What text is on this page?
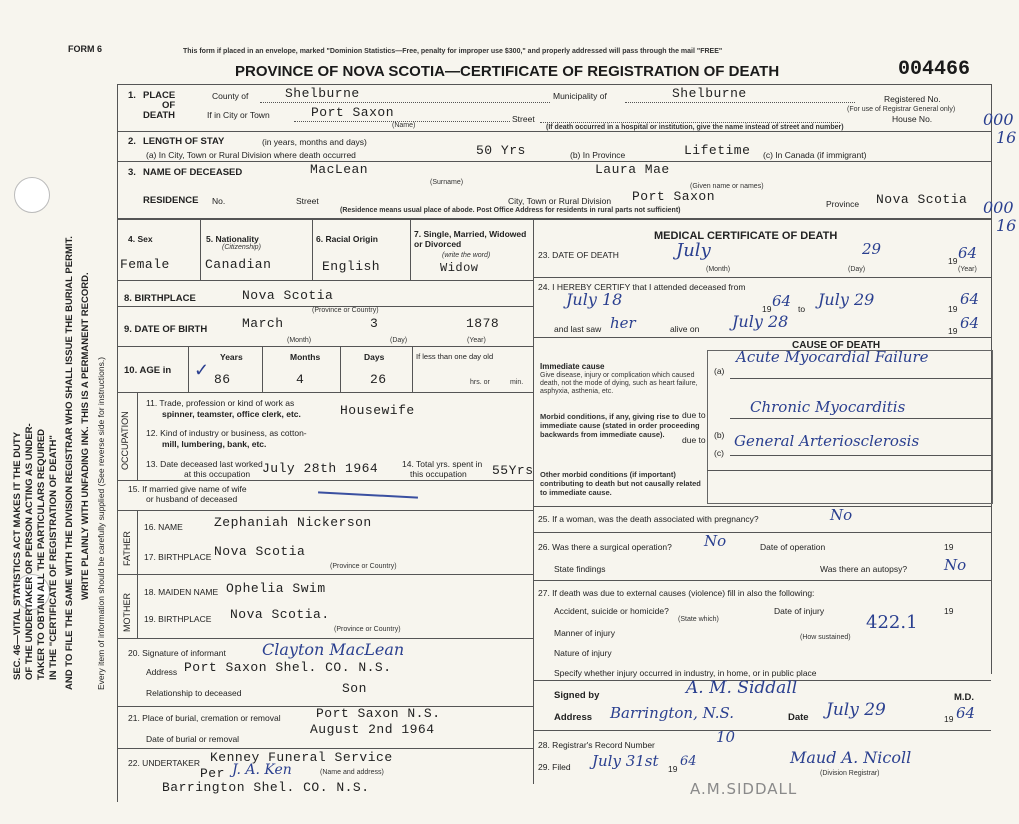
SEC. 46—VITAL STATISTICS ACT MAKES IT THE DUTY OF THE UNDERTAKER OR PERSON ACTING AS UNDER- TAKER TO OBTAIN ALL THE PARTICULARS REQUIRED IN THE "CERTIFICATE OF REGISTRATION OF DEATH" AND TO FILE THE SAME WITH THE DIVISION REGISTRAR WHO SHALL ISSUE THE BURIAL PERMIT. WRITE PLAINLY WITH UNFADING INK. THIS IS A PERMANENT RECORD. Every item of information should be carefully supplied (See reverse side for instructions.)
FORM 6	This form if placed in an envelope, marked "Dominion Statistics—Free, penalty for improper use $300," and properly addressed will pass through the mail "FREE"
PROVINCE OF NOVA SCOTIA—CERTIFICATE OF REGISTRATION OF DEATH	004466
1. PLACE
OF
DEATH
County of	Shelburne	Municipality of	Shelburne	Registered No.
(For use of Registrar General only)
If in City or Town	Port Saxon
(Name)
Street	House No.
(If death occurred in a hospital or institution, give the name instead of street and number)
2. LENGTH OF STAY	(in years, months and days)
(a) In City, Town or Rural Division where death occurred	50 Yrs	(b) In Province	Lifetime (c) In Canada (if immigrant)
3. NAME OF DECEASED	MacLean	Laura Mae
(Surname)
(Given name or names)
RESIDENCE No.	Street	City, Town or Rural Division Port Saxon	Province Nova Scotia
(Residence means usual place of abode. Post Office Address for residents in rural parts not sufficient)
000
16
000
16
4. Sex
Female
5. Nationality
(Citizenship)
Canadian
6. Racial Origin
English
7. Single, Married, Widowed or Divorced
(write the word)
Widow
8. BIRTHPLACE	Nova Scotia
(Province or Country)
9. DATE OF BIRTH	March	3	1878
(Month)	(Day)	(Year)
10. AGE in
Years	Months	Days	If less than one day old
hrs. or	min.
86	4	26
✓
OCCUPATION
11. Trade, profession or kind of work as
spinner, teamster, office clerk, etc.	Housewife
12. Kind of industry or business, as cotton-
mill, lumbering, bank, etc.
13. Date deceased last worked
at this occupation July 28th 1964	14. Total yrs. spent in
this occupation 55Yrs
15. If married give name of wife
or husband of deceased
FATHER
16. NAME Zephaniah Nickerson
17. BIRTHPLACE Nova Scotia
(Province or Country)
MOTHER
18. MAIDEN NAME Ophelia Swim
19. BIRTHPLACE Nova Scotia.
(Province or Country)
20. Signature of informant Clayton MacLean
Address Port Saxon Shel. CO. N.S.
Relationship to deceased	Son
21. Place of burial, cremation or removal	Port Saxon N.S.
Date of burial or removal
August 2nd 1964
22. UNDERTAKER Kenney Funeral Service
Per J. A. Ken	(Name and address)
Barrington Shel. CO. N.S.
MEDICAL CERTIFICATE OF DEATH
23. DATE OF DEATH	July	29
19 64
(Month)	(Day)	(Year)
24. I HEREBY CERTIFY that I attended deceased from
July 18	19 64 to July 29	19
64
and last saw her	alive on July 28	19 64
CAUSE OF DEATH
Immediate cause
Give disease, injury or complication which caused death, not the mode of dying, such as heart failure, asphyxia, asthenia, etc.
(a)
Acute Myocardial Failure
Morbid conditions, if any, giving rise to immediate cause (stated in order proceeding backwards from immediate cause).
due to
(b)
Chronic Myocarditis
due to
(c)
General Arteriosclerosis
Other morbid conditions (if important) contributing to death but not causally related to immediate cause.
25. If a woman, was the death associated with pregnancy?	No
26. Was there a surgical operation? No	Date of operation	19
State findings	Was there an autopsy? No
27. If death was due to external causes (violence) fill in also the following:
Accident, suicide or homicide?	Date of injury	19
(State which)
Manner of injury	422.1
(How sustained)
Nature of injury
Specify whether injury occurred in industry, in home, or in public place
Signed by	A. M. Siddall	M.D.
Address Barrington, N.S.	Date July 29	19 64
28. Registrar's Record Number	10
29. Filed July 31st 19 64	Maud A. Nicoll
(Division Registrar)
A.M.SIDDALL
